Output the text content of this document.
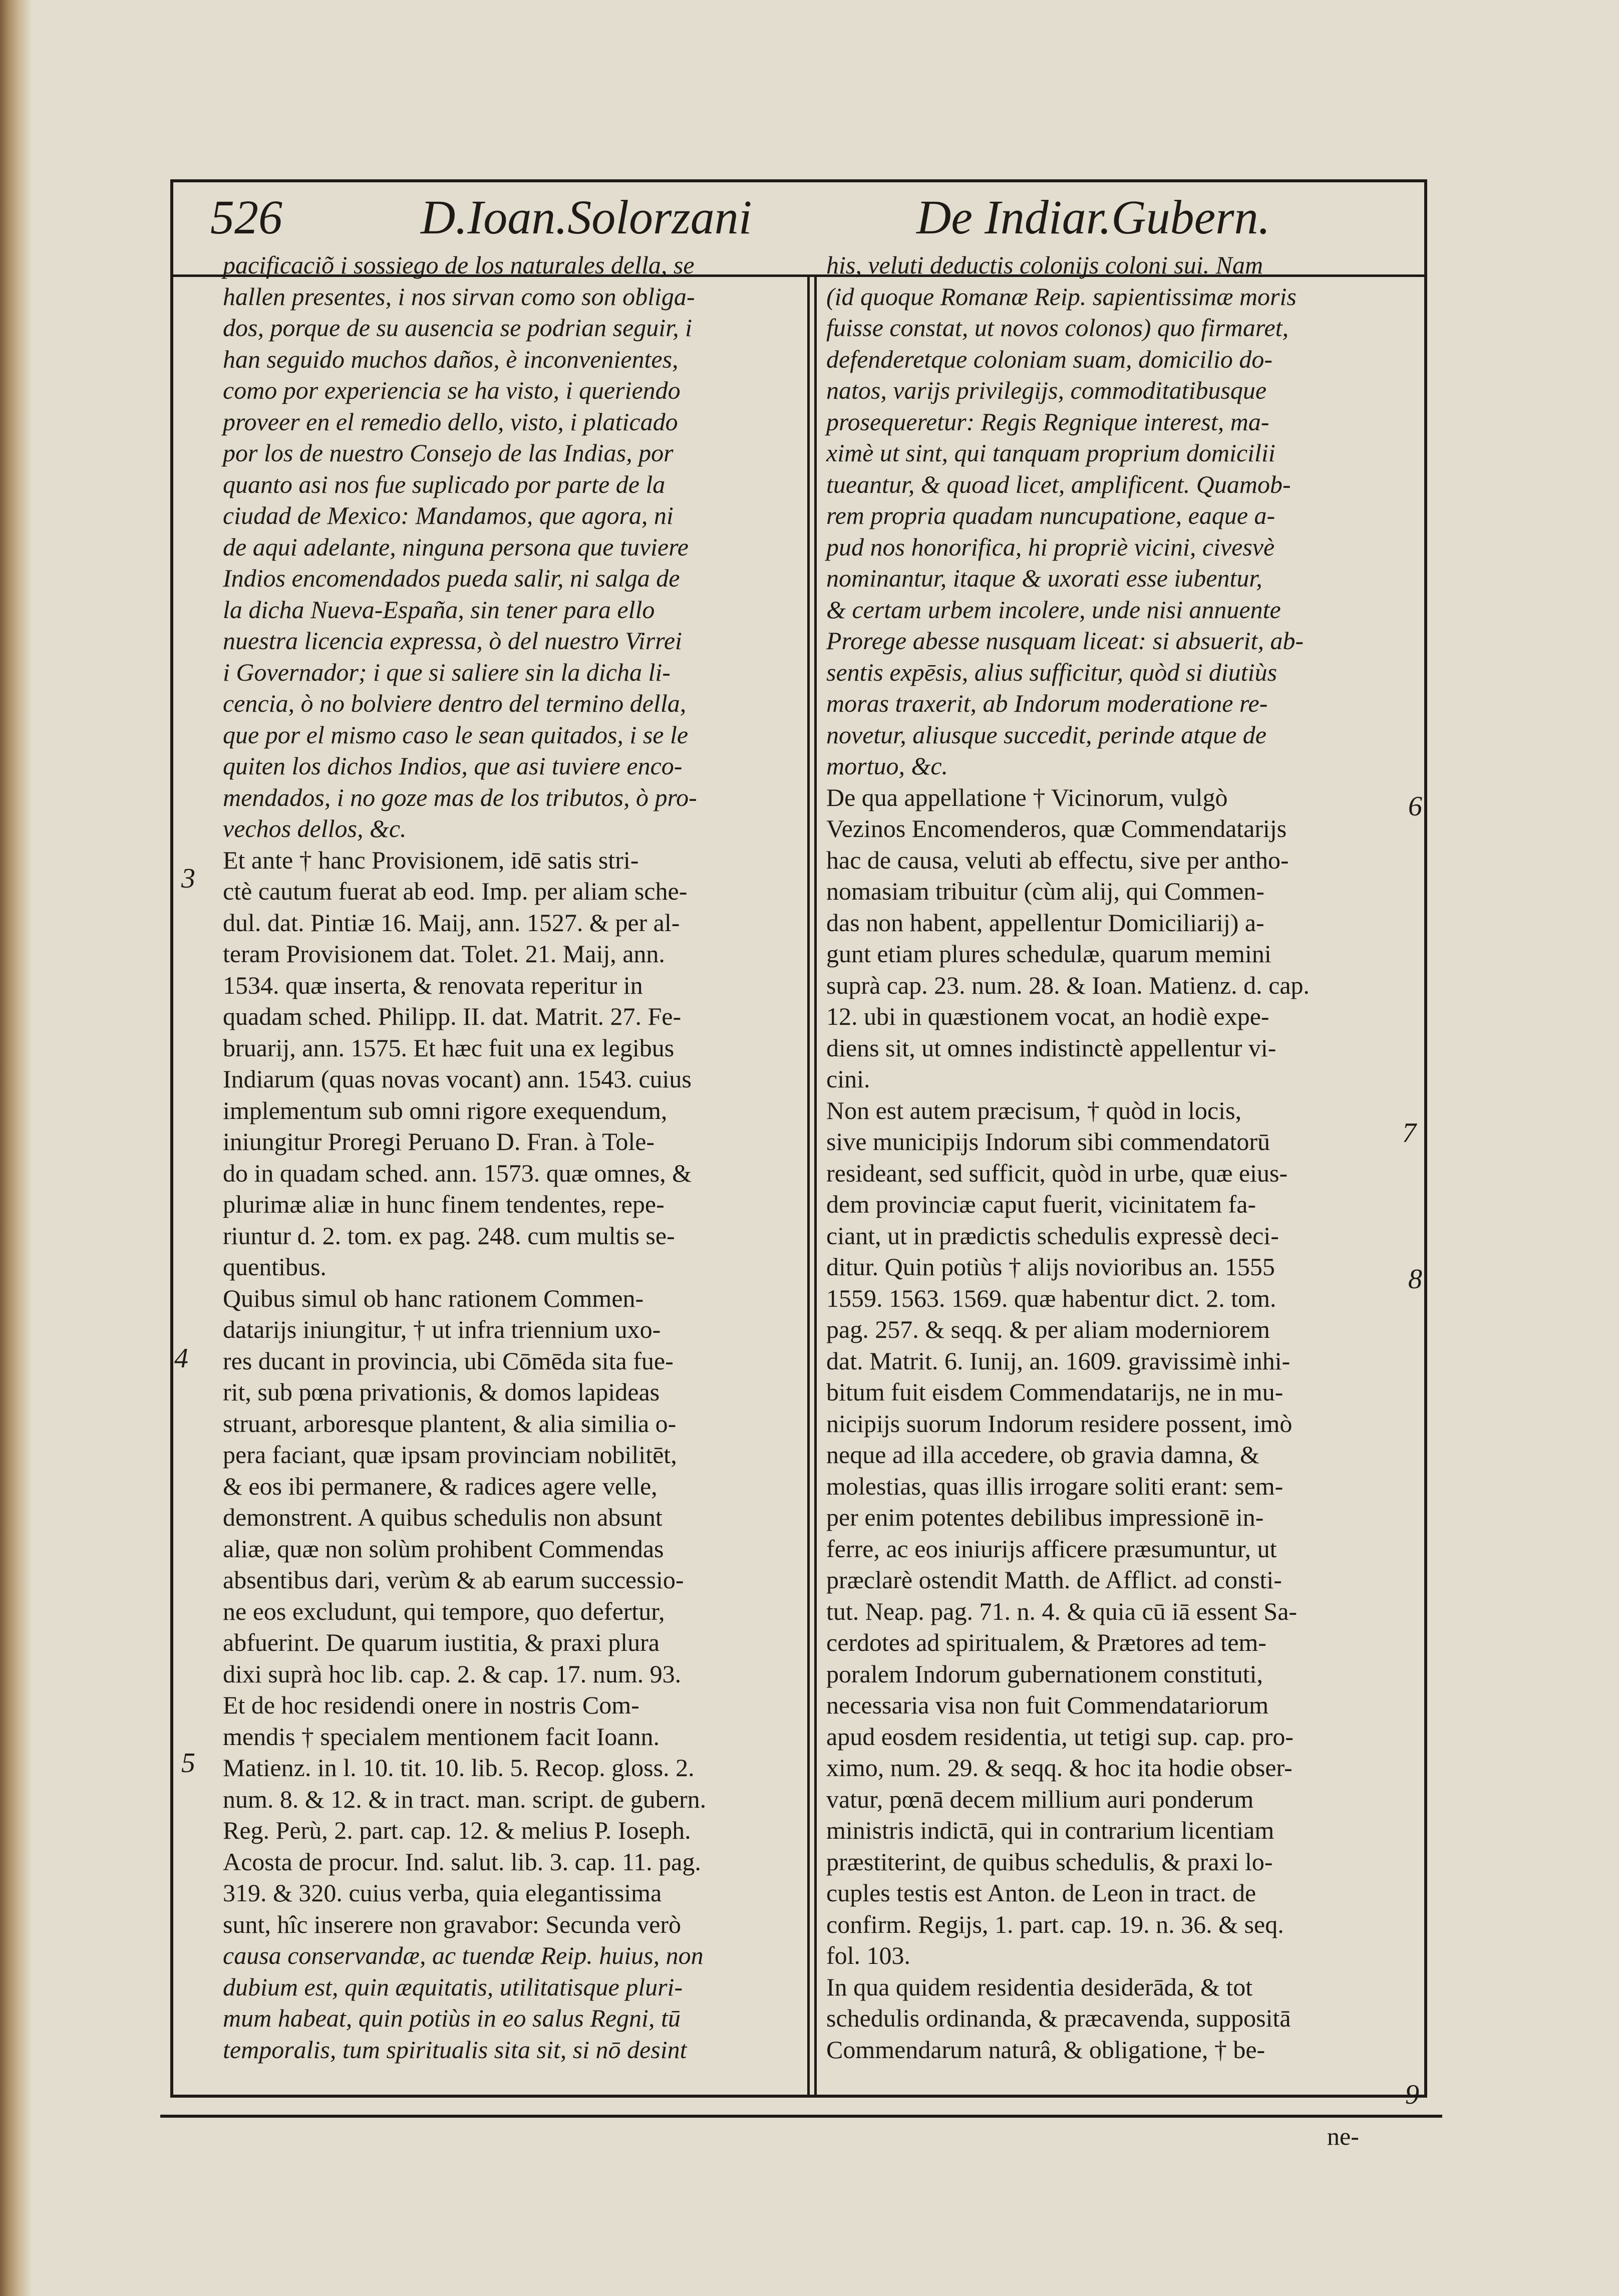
526	D.Ioan.Solorzani	De Indiar.Gubern.
pacificaciõ i sossiego de los naturales della, se
hallen presentes, i nos sirvan como son obliga-
dos, porque de su ausencia se podrian seguir, i
han seguido muchos daños, è inconvenientes,
como por experiencia se ha visto, i queriendo
proveer en el remedio dello, visto, i platicado
por los de nuestro Consejo de las Indias, por
quanto asi nos fue suplicado por parte de la
ciudad de Mexico: Mandamos, que agora, ni
de aqui adelante, ninguna persona que tuviere
Indios encomendados pueda salir, ni salga de
la dicha Nueva-España, sin tener para ello
nuestra licencia expressa, ò del nuestro Virrei
i Governador; i que si saliere sin la dicha li-
cencia, ò no bolviere dentro del termino della,
que por el mismo caso le sean quitados, i se le
quiten los dichos Indios, que asi tuviere enco-
mendados, i no goze mas de los tributos, ò pro-
vechos dellos, &c.
Et ante † hanc Provisionem, idē satis stri-
ctè cautum fuerat ab eod. Imp. per aliam sche-
dul. dat. Pintiæ 16. Maij, ann. 1527. & per al-
teram Provisionem dat. Tolet. 21. Maij, ann.
1534. quæ inserta, & renovata reperitur in
quadam sched. Philipp. II. dat. Matrit. 27. Fe-
bruarij, ann. 1575. Et hæc fuit una ex legibus
Indiarum (quas novas vocant) ann. 1543. cuius
implementum sub omni rigore exequendum,
iniungitur Proregi Peruano D. Fran. à Tole-
do in quadam sched. ann. 1573. quæ omnes, &
plurimæ aliæ in hunc finem tendentes, repe-
riuntur d. 2. tom. ex pag. 248. cum multis se-
quentibus.
Quibus simul ob hanc rationem Commen-
datarijs iniungitur, † ut infra triennium uxo-
res ducant in provincia, ubi Cōmēda sita fue-
rit, sub pœna privationis, & domos lapideas
struant, arboresque plantent, & alia similia o-
pera faciant, quæ ipsam provinciam nobilitēt,
& eos ibi permanere, & radices agere velle,
demonstrent. A quibus schedulis non absunt
aliæ, quæ non solùm prohibent Commendas
absentibus dari, verùm & ab earum successio-
ne eos excludunt, qui tempore, quo defertur,
abfuerint. De quarum iustitia, & praxi plura
dixi suprà hoc lib. cap. 2. & cap. 17. num. 93.
Et de hoc residendi onere in nostris Com-
mendis † specialem mentionem facit Ioann.
Matienz. in l. 10. tit. 10. lib. 5. Recop. gloss. 2.
num. 8. & 12. & in tract. man. script. de gubern.
Reg. Perù, 2. part. cap. 12. & melius P. Ioseph.
Acosta de procur. Ind. salut. lib. 3. cap. 11. pag.
319. & 320. cuius verba, quia elegantissima
sunt, hîc inserere non gravabor: Secunda verò
causa conservandæ, ac tuendæ Reip. huius, non
dubium est, quin æquitatis, utilitatisque pluri-
mum habeat, quin potiùs in eo salus Regni, tū
temporalis, tum spiritualis sita sit, si nō desint
his, veluti deductis colonijs coloni sui. Nam
(id quoque Romanæ Reip. sapientissimæ moris
fuisse constat, ut novos colonos) quo firmaret,
defenderetque coloniam suam, domicilio do-
natos, varijs privilegijs, commoditatibusque
prosequeretur: Regis Regnique interest, ma-
ximè ut sint, qui tanquam proprium domicilii
tueantur, & quoad licet, amplificent. Quamob-
rem propria quadam nuncupatione, eaque a-
pud nos honorifica, hi propriè vicini, civesvè
nominantur, itaque & uxorati esse iubentur,
& certam urbem incolere, unde nisi annuente
Prorege abesse nusquam liceat: si absuerit, ab-
sentis expēsis, alius sufficitur, quòd si diutiùs
moras traxerit, ab Indorum moderatione re-
novetur, aliusque succedit, perinde atque de
mortuo, &c.
De qua appellatione † Vicinorum, vulgò
Vezinos Encomenderos, quæ Commendatarijs
hac de causa, veluti ab effectu, sive per antho-
nomasiam tribuitur (cùm alij, qui Commen-
das non habent, appellentur Domiciliarij) a-
gunt etiam plures schedulæ, quarum memini
suprà cap. 23. num. 28. & Ioan. Matienz. d. cap.
12. ubi in quæstionem vocat, an hodiè expe-
diens sit, ut omnes indistinctè appellentur vi-
cini.
Non est autem præcisum, † quòd in locis,
sive municipijs Indorum sibi commendatorū
resideant, sed sufficit, quòd in urbe, quæ eius-
dem provinciæ caput fuerit, vicinitatem fa-
ciant, ut in prædictis schedulis expressè deci-
ditur. Quin potiùs † alijs novioribus an. 1555
1559. 1563. 1569. quæ habentur dict. 2. tom.
pag. 257. & seqq. & per aliam moderniorem
dat. Matrit. 6. Iunij, an. 1609. gravissimè inhi-
bitum fuit eisdem Commendatarijs, ne in mu-
nicipijs suorum Indorum residere possent, imò
neque ad illa accedere, ob gravia damna, &
molestias, quas illis irrogare soliti erant: sem-
per enim potentes debilibus impressionē in-
ferre, ac eos iniurijs afficere præsumuntur, ut
præclarè ostendit Matth. de Afflict. ad consti-
tut. Neap. pag. 71. n. 4. & quia cū iā essent Sa-
cerdotes ad spiritualem, & Prætores ad tem-
poralem Indorum gubernationem constituti,
necessaria visa non fuit Commendatariorum
apud eosdem residentia, ut tetigi sup. cap. pro-
ximo, num. 29. & seqq. & hoc ita hodie obser-
vatur, pœnā decem millium auri ponderum
ministris indictā, qui in contrarium licentiam
præstiterint, de quibus schedulis, & praxi lo-
cuples testis est Anton. de Leon in tract. de
confirm. Regijs, 1. part. cap. 19. n. 36. & seq.
fol. 103.
In qua quidem residentia desiderāda, & tot
schedulis ordinanda, & præcavenda, suppositā
Commendarum naturâ, & obligatione, † be-
3
4
5
6
7
8
9
ne-
